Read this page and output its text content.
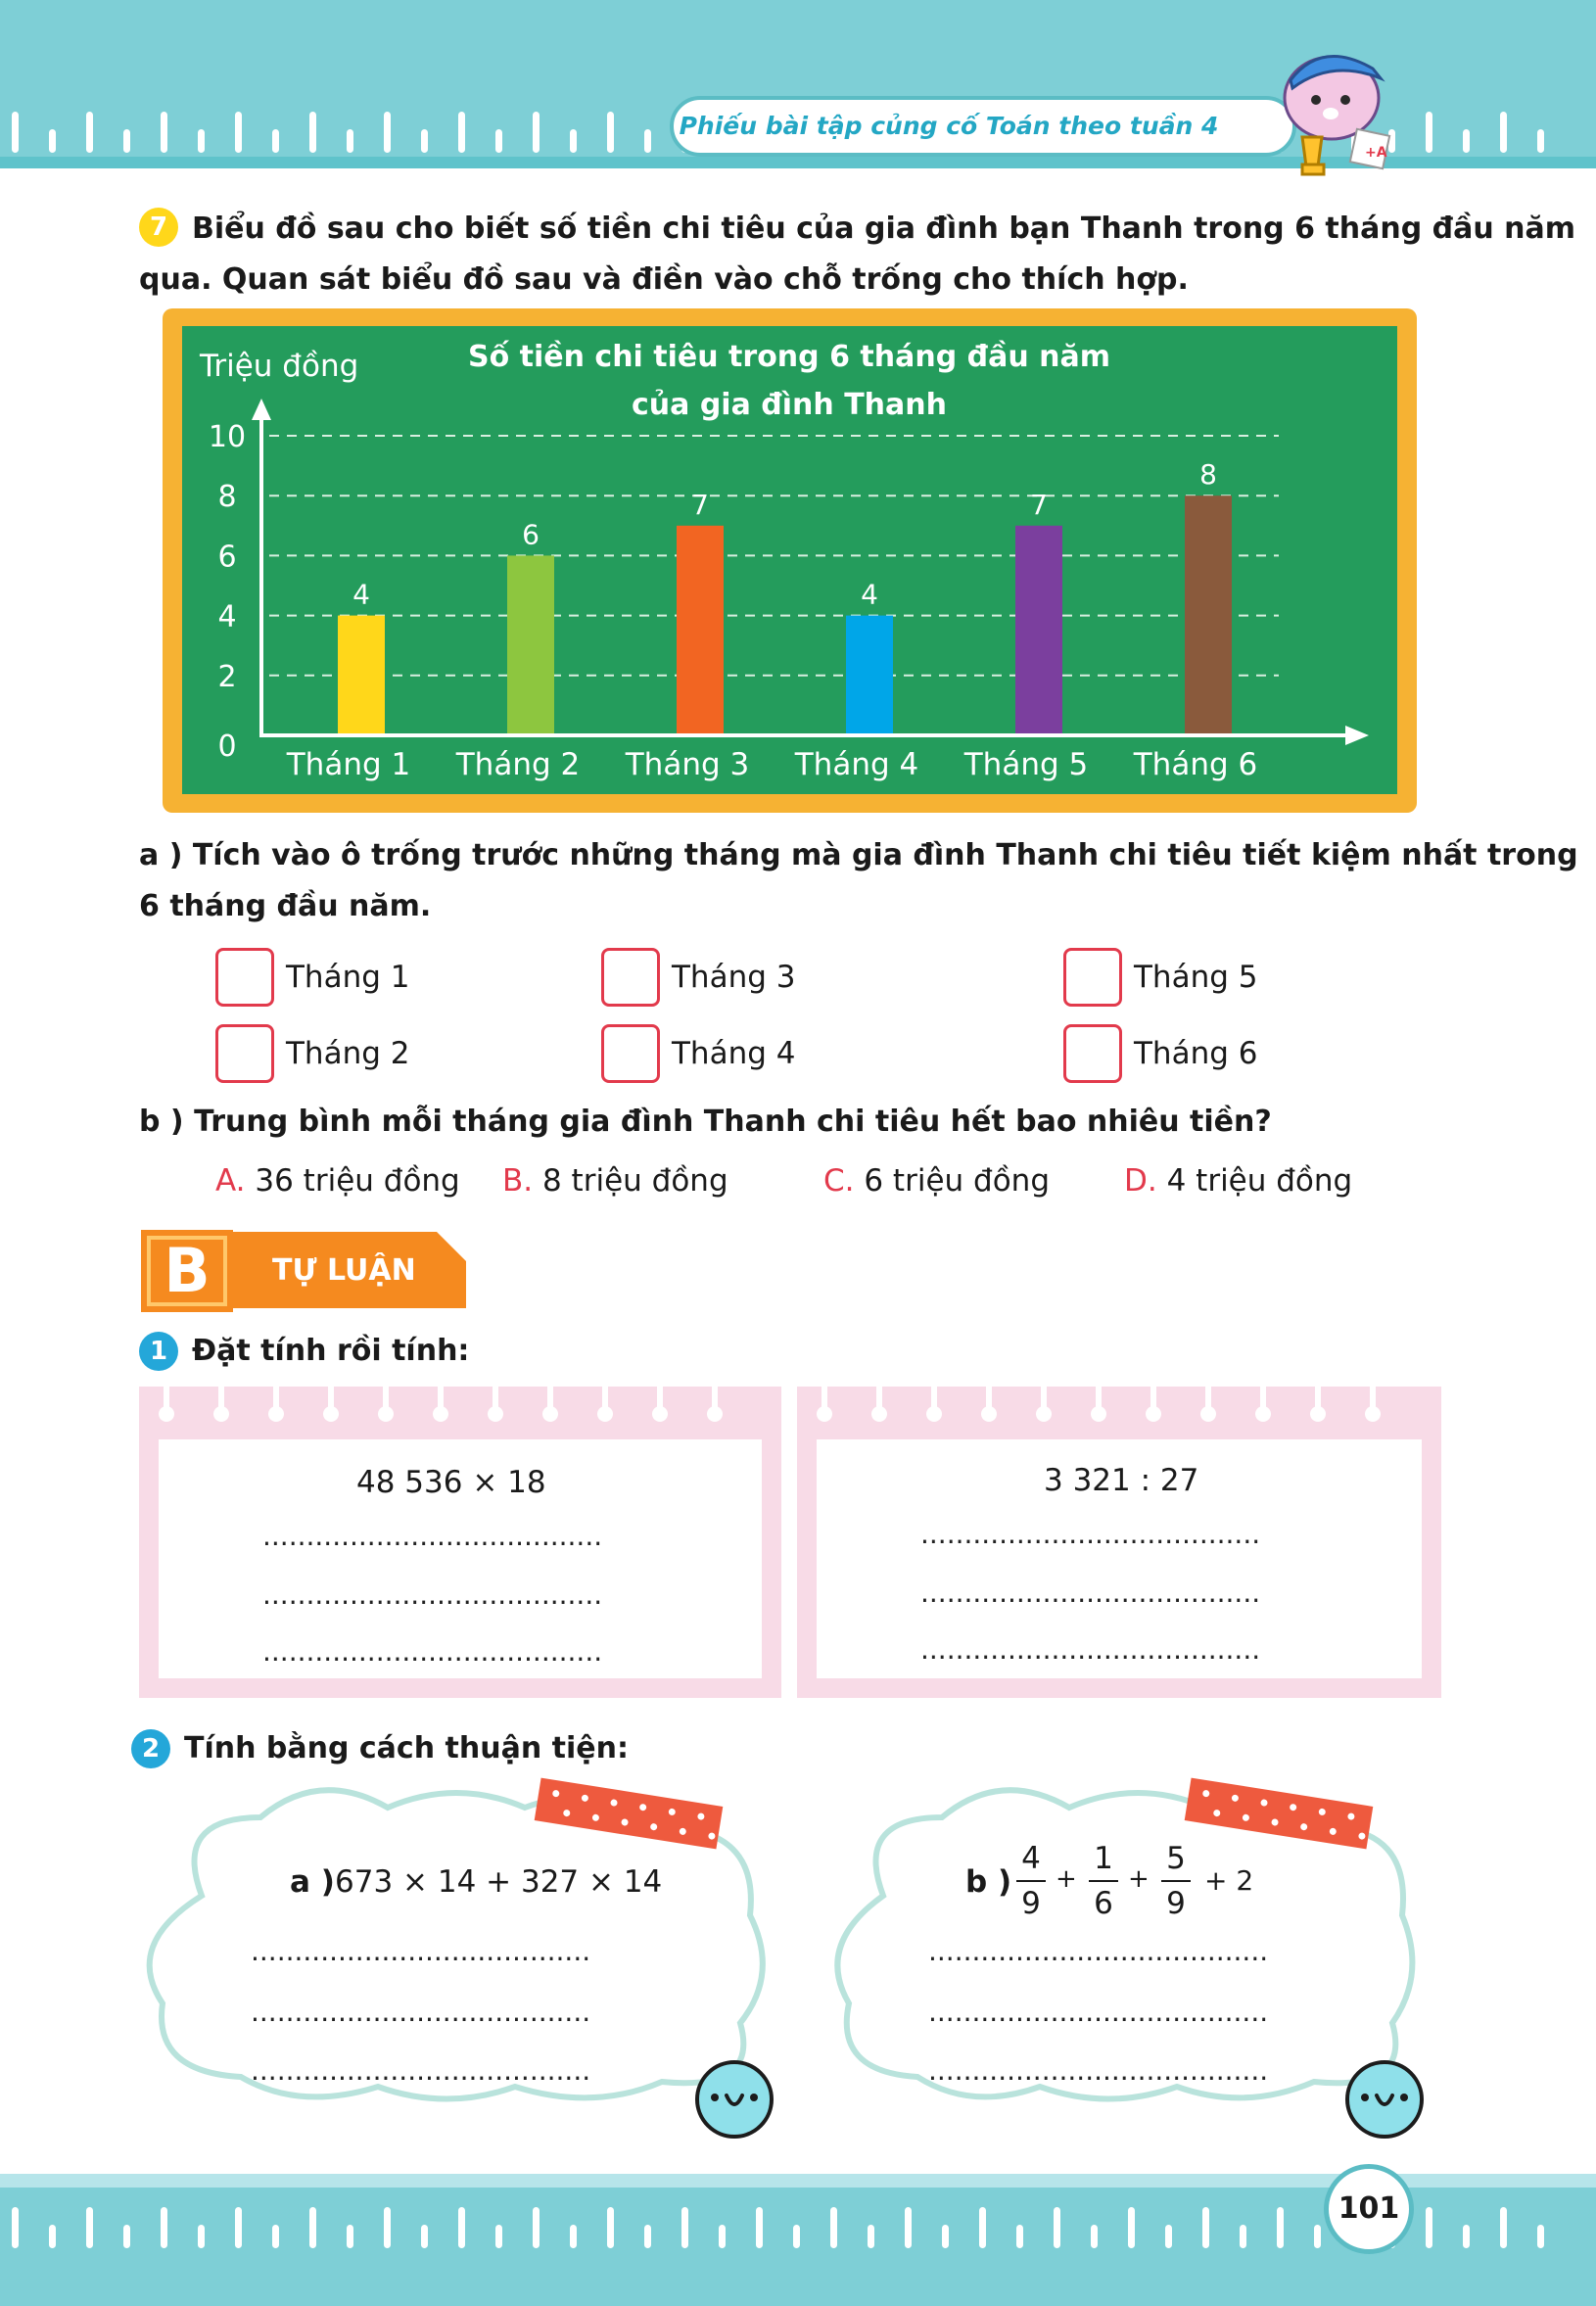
Phiếu bài tập củng cố Toán theo tuần 4
+A
7 Biểu đồ sau cho biết số tiền chi tiêu của gia đình bạn Thanh trong 6 tháng đầu năm
qua. Quan sát biểu đồ sau và điền vào chỗ trống cho thích hợp.
Số tiền chi tiêu trong 6 tháng đầu năm
của gia đình Thanh
Triệu đồng
0
2
4
6
8
10
4
6
7
4
7
8
Tháng 1 Tháng 2 Tháng 3 Tháng 4 Tháng 5 Tháng 6
a ) Tích vào ô trống trước những tháng mà gia đình Thanh chi tiêu tiết kiệm nhất trong
6 tháng đầu năm.
Tháng 1	Tháng 3	Tháng 5
Tháng 2	Tháng 4	Tháng 6
b ) Trung bình mỗi tháng gia đình Thanh chi tiêu hết bao nhiêu tiền?
A. 36 triệu đồng B. 8 triệu đồng	C. 6 triệu đồng D. 4 triệu đồng
B	TỰ LUẬN
1 Đặt tính rồi tính:
48 536 × 18
.......................................
.......................................
.......................................
3 321 : 27
.......................................
.......................................
.......................................
2 Tính bằng cách thuận tiện:
a ) 673 × 14 + 327 × 14
.......................................
.......................................
.......................................
b )
4
9
+
1
6
+
5
9
+ 2
.......................................
.......................................
.......................................
101
